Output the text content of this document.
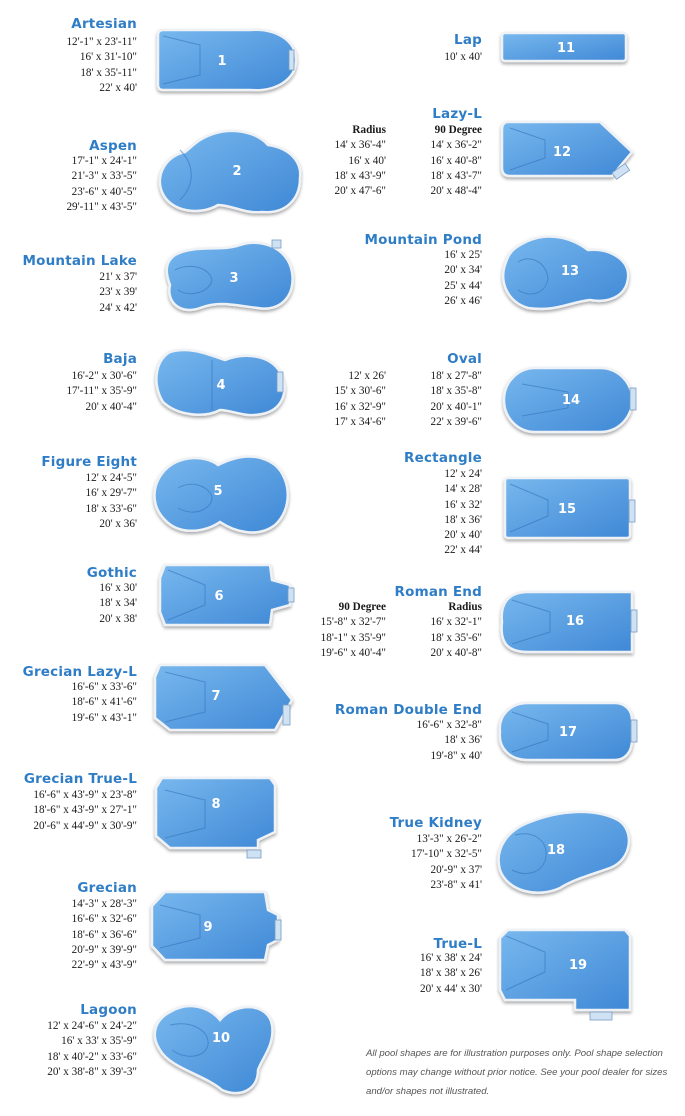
Artesian
12'-1" x 23'-11"
16' x 31'-10"
18' x 35'-11"
22' x 40'
Aspen
17'-1" x 24'-1"
21'-3" x 33'-5"
23'-6" x 40'-5"
29'-11" x 43'-5"
Mountain Lake
21' x 37'
23' x 39'
24' x 42'
Baja
16'-2" x 30'-6"
17'-11" x 35'-9"
20' x 40'-4"
Figure Eight
12' x 24'-5"
16' x 29'-7"
18' x 33'-6"
20' x 36'
Gothic
16' x 30'
18' x 34'
20' x 38'
Grecian Lazy-L
16'-6" x 33'-6"
18'-6" x 41'-6"
19'-6" x 43'-1"
Grecian True-L
16'-6" x 43'-9" x 23'-8"
18'-6" x 43'-9" x 27'-1"
20'-6" x 44'-9" x 30'-9"
Grecian
14'-3" x 28'-3"
16'-6" x 32'-6"
18'-6" x 36'-6"
20'-9" x 39'-9"
22'-9" x 43'-9"
Lagoon
12' x 24'-6" x 24'-2"
16' x 33' x 35'-9"
18' x 40'-2" x 33'-6"
20' x 38'-8" x 39'-3"
Lap
10' x 40'
Lazy-L
Radius
14' x 36'-4"
16' x 40'
18' x 43'-9"
20' x 47'-6"
90 Degree
14' x 36'-2"
16' x 40'-8"
18' x 43'-7"
20' x 48'-4"
Mountain Pond
16' x 25'
20' x 34'
25' x 44'
26' x 46'
Oval
12' x 26'
15' x 30'-6"
16' x 32'-9"
17' x 34'-6"
18' x 27'-8"
18' x 35'-8"
20' x 40'-1"
22' x 39'-6"
Rectangle
12' x 24'
14' x 28'
16' x 32'
18' x 36'
20' x 40'
22' x 44'
Roman End
90 Degree
15'-8" x 32'-7"
18'-1" x 35'-9"
19'-6" x 40'-4"
Radius
16' x 32'-1"
18' x 35'-6"
20' x 40'-8"
Roman Double End
16'-6" x 32'-8"
18' x 36'
19'-8" x 40'
True Kidney
13'-3" x 26'-2"
17'-10" x 32'-5"
20'-9" x 37'
23'-8" x 41'
True-L
16' x 38' x 24'
18' x 38' x 26'
20' x 44' x 30'
1
2
3
4
5
6
7
8
9
10
11
12
13
14
15
16
17
18
19
All pool shapes are for illustration purposes only. Pool shape selection options may change without prior notice. See your pool dealer for sizes and/or shapes not illustrated.
